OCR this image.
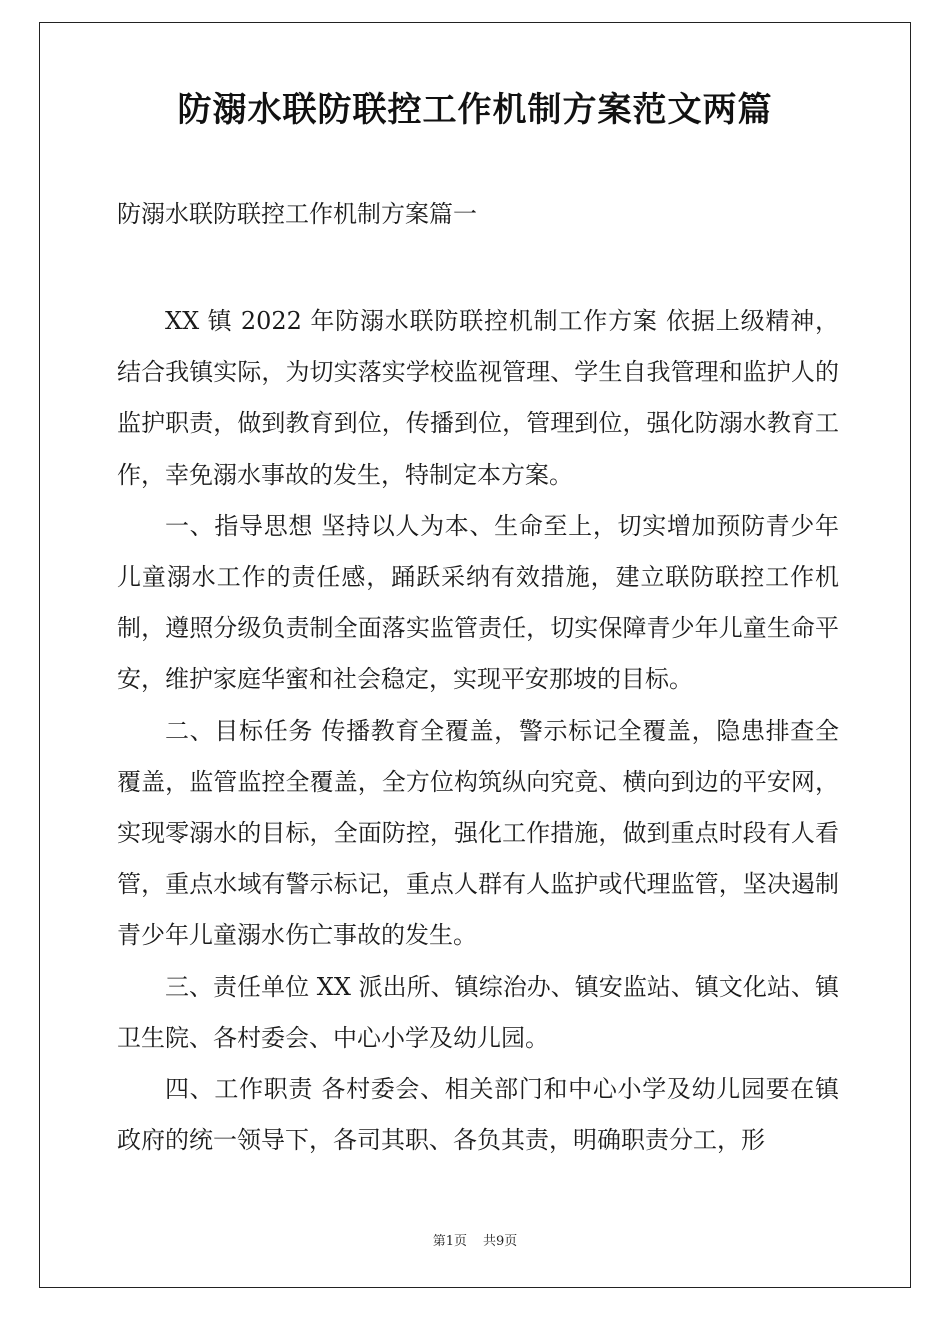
防溺水联防联控工作机制方案范文两篇
防溺水联防联控工作机制方案篇一

XX 镇 2022 年防溺水联防联控机制工作方案 依据上级精神，结合我镇实际，为切实落实学校监视管理、学生自我管理和监护人的监护职责，做到教育到位，传播到位，管理到位，强化防溺水教育工作，幸免溺水事故的发生，特制定本方案。

一、指导思想 坚持以人为本、生命至上，切实增加预防青少年儿童溺水工作的责任感，踊跃采纳有效措施，建立联防联控工作机制，遵照分级负责制全面落实监管责任，切实保障青少年儿童生命平安，维护家庭华蜜和社会稳定，实现平安那坡的目标。

二、目标任务 传播教育全覆盖，警示标记全覆盖，隐患排查全覆盖，监管监控全覆盖，全方位构筑纵向究竟、横向到边的平安网，实现零溺水的目标，全面防控，强化工作措施，做到重点时段有人看管，重点水域有警示标记，重点人群有人监护或代理监管，坚决遏制青少年儿童溺水伤亡事故的发生。

三、责任单位 XX 派出所、镇综治办、镇安监站、镇文化站、镇卫生院、各村委会、中心小学及幼儿园。

四、工作职责 各村委会、相关部门和中心小学及幼儿园要在镇政府的统一领导下，各司其职、各负其责，明确职责分工，形

第1页 共9页
